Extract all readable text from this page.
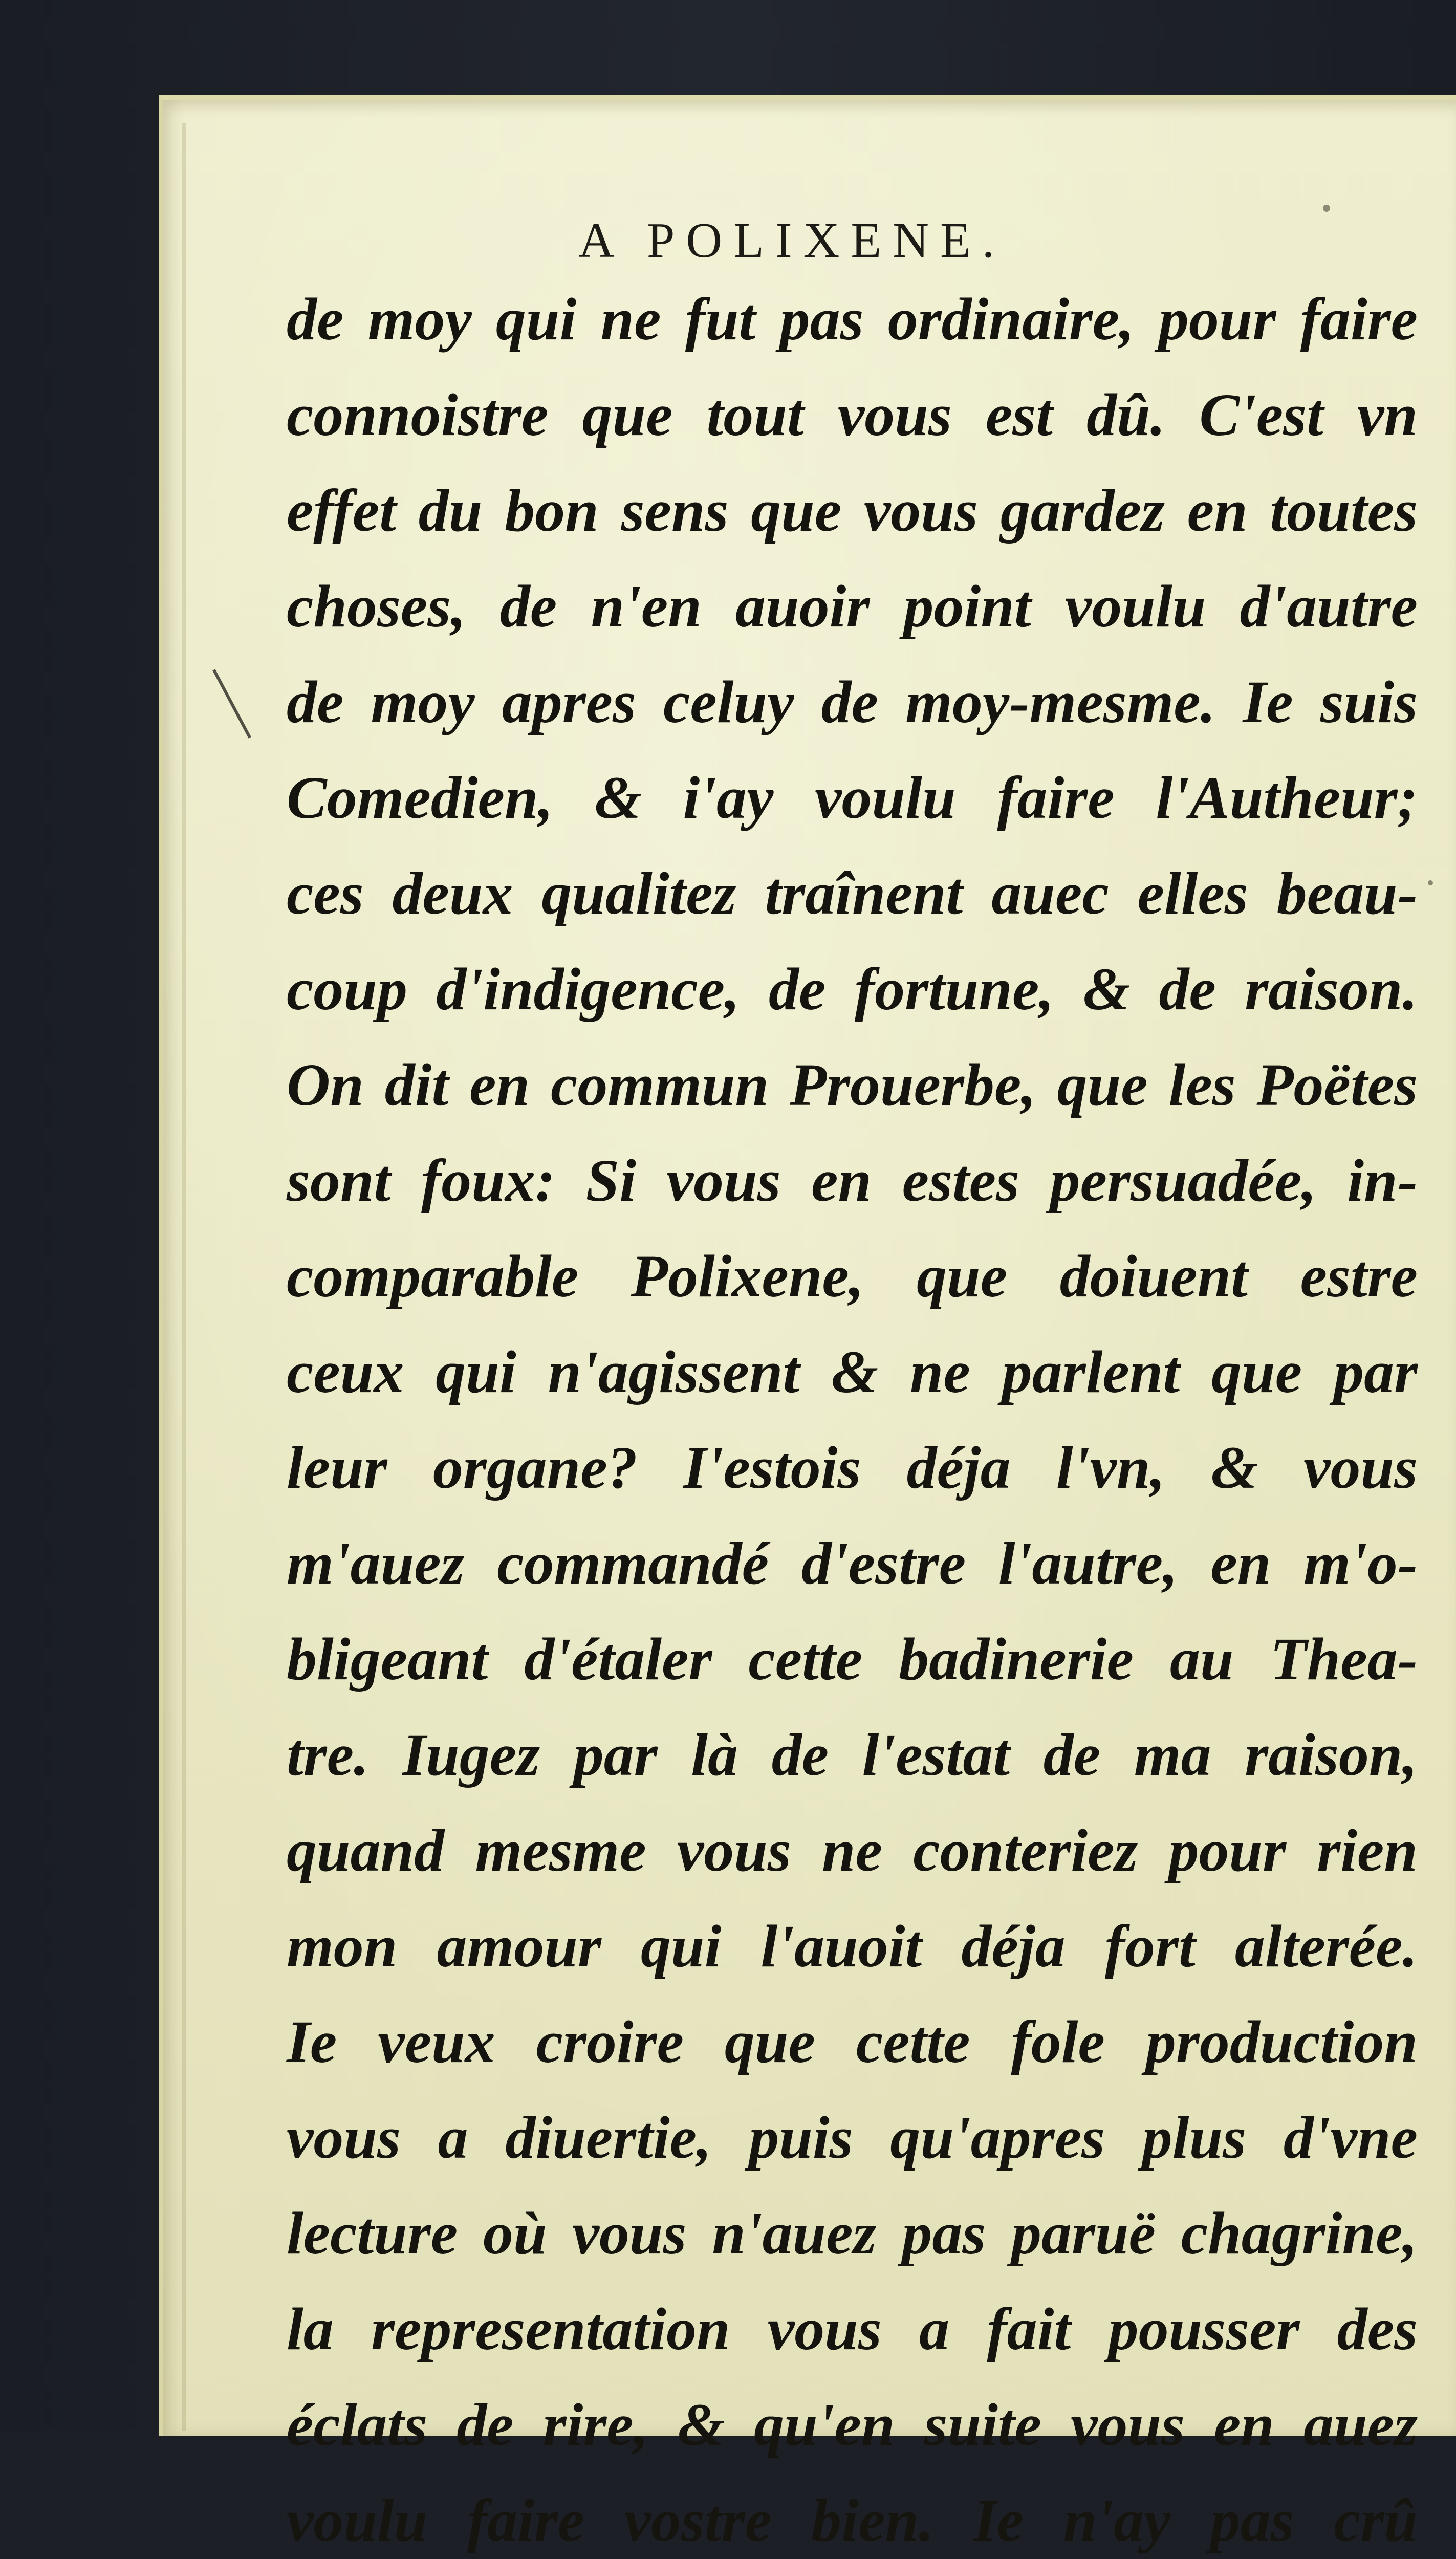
A POLIXENE.
de moy qui ne fut pas ordinaire, pour faire
connoistre que tout vous est dû. C'est vn
effet du bon sens que vous gardez en toutes
choses, de n'en auoir point voulu d'autre
de moy apres celuy de moy-mesme. Ie suis
Comedien, & i'ay voulu faire l'Autheur;
ces deux qualitez traînent auec elles beau-
coup d'indigence, de fortune, & de raison.
On dit en commun Prouerbe, que les Poëtes
sont foux: Si vous en estes persuadée, in-
comparable Polixene, que doiuent estre
ceux qui n'agissent & ne parlent que par
leur organe? I'estois déja l'vn, & vous
m'auez commandé d'estre l'autre, en m'o-
bligeant d'étaler cette badinerie au Thea-
tre. Iugez par là de l'estat de ma raison,
quand mesme vous ne conteriez pour rien
mon amour qui l'auoit déja fort alterée.
Ie veux croire que cette fole production
vous a diuertie, puis qu'apres plus d'vne
lecture où vous n'auez pas paruë chagrine,
la representation vous a fait pousser des
éclats de rire, & qu'en suite vous en auez
voulu faire vostre bien. Ie n'ay pas crû
